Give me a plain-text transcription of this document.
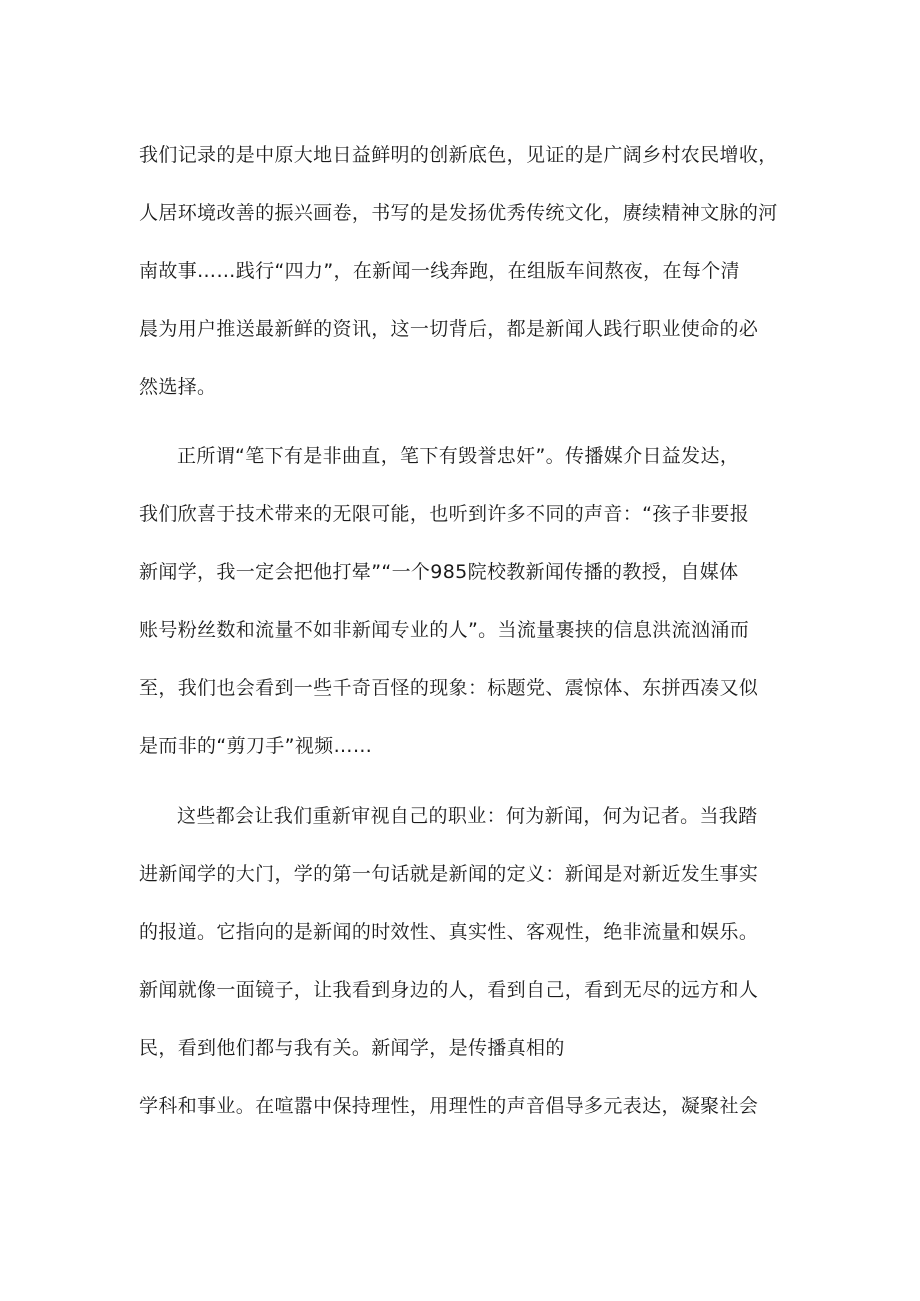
我们记录的是中原大地日益鲜明的创新底色，见证的是广阔乡村农民增收，
人居环境改善的振兴画卷，书写的是发扬优秀传统文化，赓续精神文脉的河
南故事……践行“四力”，在新闻一线奔跑，在组版车间熬夜，在每个清
晨为用户推送最新鲜的资讯，这一切背后，都是新闻人践行职业使命的必
然选择。
正所谓“笔下有是非曲直，笔下有毁誉忠奸”。传播媒介日益发达，
我们欣喜于技术带来的无限可能，也听到许多不同的声音：“孩子非要报
新闻学，我一定会把他打晕”“一个985院校教新闻传播的教授，自媒体
账号粉丝数和流量不如非新闻专业的人”。当流量裹挟的信息洪流汹涌而
至，我们也会看到一些千奇百怪的现象：标题党、震惊体、东拼西凑又似
是而非的“剪刀手”视频……
这些都会让我们重新审视自己的职业：何为新闻，何为记者。当我踏
进新闻学的大门，学的第一句话就是新闻的定义：新闻是对新近发生事实
的报道。它指向的是新闻的时效性、真实性、客观性，绝非流量和娱乐。
新闻就像一面镜子，让我看到身边的人，看到自己，看到无尽的远方和人
民，看到他们都与我有关。新闻学，是传播真相的
学科和事业。在喧嚣中保持理性，用理性的声音倡导多元表达，凝聚社会
